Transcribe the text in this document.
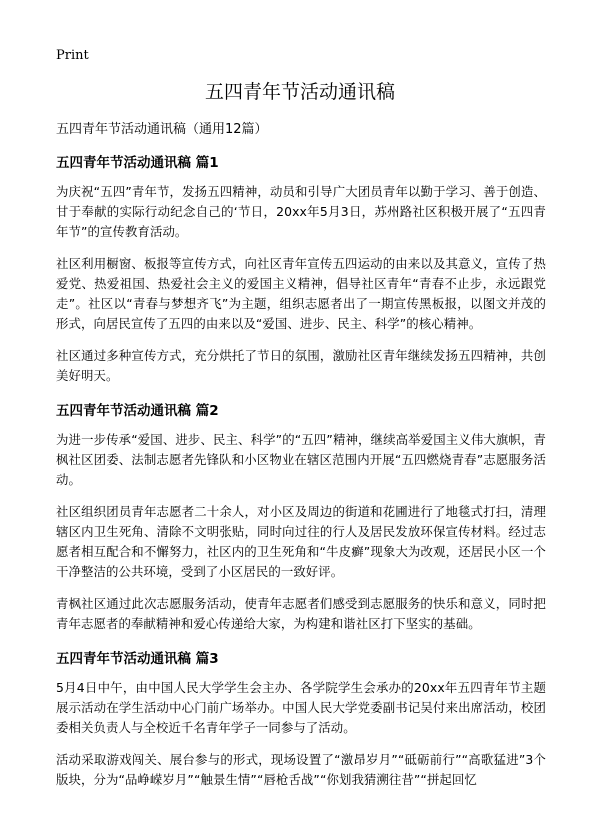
Print
五四青年节活动通讯稿

五四青年节活动通讯稿（通用12篇）

五四青年节活动通讯稿 篇1

为庆祝“五四”青年节，发扬五四精神，动员和引导广大团员青年以勤于学习、善于创造、甘于奉献的实际行动纪念自己的‘节日，20xx年5月3日，苏州路社区积极开展了“五四青年节”的宣传教育活动。

社区利用橱窗、板报等宣传方式，向社区青年宣传五四运动的由来以及其意义，宣传了热爱党、热爱祖国、热爱社会主义的爱国主义精神，倡导社区青年“青春不止步，永远跟党走”。社区以“青春与梦想齐飞”为主题，组织志愿者出了一期宣传黑板报，以图文并茂的形式，向居民宣传了五四的由来以及“爱国、进步、民主、科学”的核心精神。

社区通过多种宣传方式，充分烘托了节日的氛围，激励社区青年继续发扬五四精神，共创美好明天。

五四青年节活动通讯稿 篇2

为进一步传承“爱国、进步、民主、科学”的“五四”精神，继续高举爱国主义伟大旗帜，青枫社区团委、法制志愿者先锋队和小区物业在辖区范围内开展“五四燃烧青春”志愿服务活动。

社区组织团员青年志愿者二十余人，对小区及周边的街道和花圃进行了地毯式打扫，清理辖区内卫生死角、清除不文明张贴，同时向过往的行人及居民发放环保宣传材料。经过志愿者相互配合和不懈努力，社区内的卫生死角和“牛皮癣”现象大为改观，还居民小区一个干净整洁的公共环境，受到了小区居民的一致好评。

青枫社区通过此次志愿服务活动，使青年志愿者们感受到志愿服务的快乐和意义，同时把青年志愿者的奉献精神和爱心传递给大家，为构建和谐社区打下坚实的基础。

五四青年节活动通讯稿 篇3

5月4日中午，由中国人民大学学生会主办、各学院学生会承办的20xx年五四青年节主题展示活动在学生活动中心门前广场举办。中国人民大学党委副书记吴付来出席活动，校团委相关负责人与全校近千名青年学子一同参与了活动。

活动采取游戏闯关、展台参与的形式，现场设置了“激昂岁月”“砥砺前行”“高歌猛进”3个版块，分为“品峥嵘岁月”“触景生情”“唇枪舌战”“你划我猜溯往昔”“拼起回忆
